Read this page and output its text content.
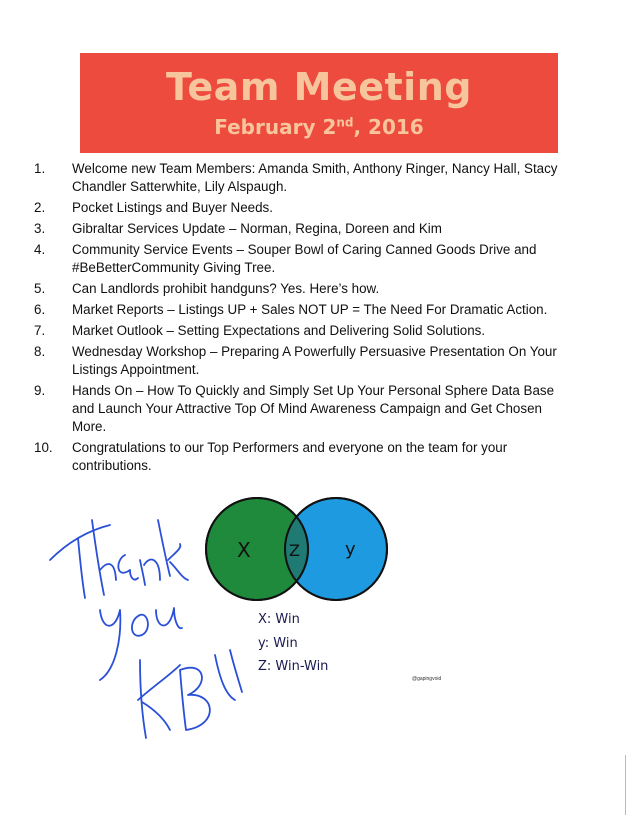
Team Meeting
February 2nd, 2016
1.	Welcome new Team Members: Amanda Smith, Anthony Ringer, Nancy Hall, Stacy Chandler Satterwhite, Lily Alspaugh.
2.	Pocket Listings and Buyer Needs.
3.	Gibraltar Services Update – Norman, Regina, Doreen and Kim
4.	Community Service Events – Souper Bowl of Caring Canned Goods Drive and #BeBetterCommunity Giving Tree.
5.	Can Landlords prohibit handguns? Yes. Here’s how.
6.	Market Reports – Listings UP + Sales NOT UP = The Need For Dramatic Action.
7.	Market Outlook – Setting Expectations and Delivering Solid Solutions.
8.	Wednesday Workshop – Preparing A Powerfully Persuasive Presentation On Your Listings Appointment.
9.	Hands On – How To Quickly and Simply Set Up Your Personal Sphere Data Base and Launch Your Attractive Top Of Mind Awareness Campaign and Get Chosen More.
10.	Congratulations to our Top Performers and everyone on the team for your contributions.
X Z	y
X: Win
y: Win
Z: Win-Win
@gapingvoid
